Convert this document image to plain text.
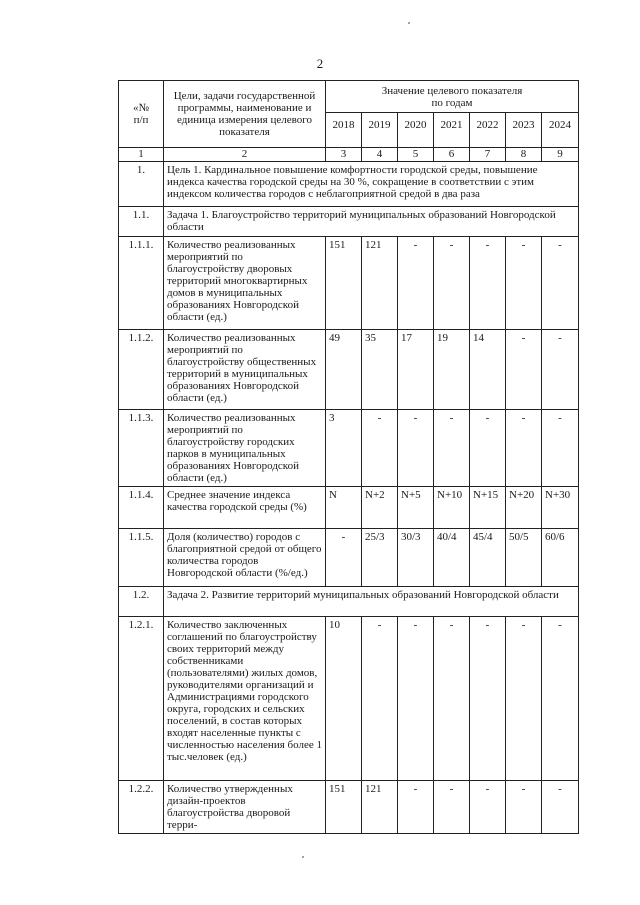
2
«№
п/п	Цели, задачи государственной программы, наименование и единица измерения целевого показателя	Значение целевого показателя
по годам						
		2018	2019	2020	2021	2022	2023	2024
1	2	3	4	5	6	7	8	9
1.	Цель 1. Кардинальное повышение комфортности городской среды, повышение индекса качества городской среды на 30 %, сокращение в соответствии с этим индексом количества городов с неблагоприятной средой в два раза							
1.1.	Задача 1. Благоустройство территорий муниципальных образований Новгородской области							
1.1.1.	Количество реализованных мероприятий по благоустройству дворовых территорий многоквартирных домов в муниципальных образованиях Новгородской области (ед.)	151	121	-	-	-	-	-
1.1.2.	Количество реализованных мероприятий по благоустройству общественных территорий в муниципальных образованиях Новгородской области (ед.)	49	35	17	19	14	-	-
1.1.3.	Количество реализованных мероприятий по благоустройству городских парков в муниципальных образованиях Новгородской области (ед.)	3	-	-	-	-	-	-
1.1.4.	Среднее значение индекса качества городской среды (%)	N	N+2	N+5	N+10	N+15	N+20	N+30
1.1.5.	Доля (количество) городов с благоприятной средой от общего количества городов Новгородской области (%/ед.)	-	25/3	30/3	40/4	45/4	50/5	60/6
1.2.	Задача 2. Развитие территорий муниципальных образований Новгородской области							
1.2.1.	Количество заключенных соглашений по благоустройству своих территорий между собственниками (пользователями) жилых домов, руководителями организаций и Администрациями городского округа, городских и сельских поселений, в состав которых входят населенные пункты с численностью населения более 1 тыс.человек (ед.)	10	-	-	-	-	-	-
1.2.2.	Количество утвержденных дизайн-проектов благоустройства дворовой терри-	151	121	-	-	-	-	-
